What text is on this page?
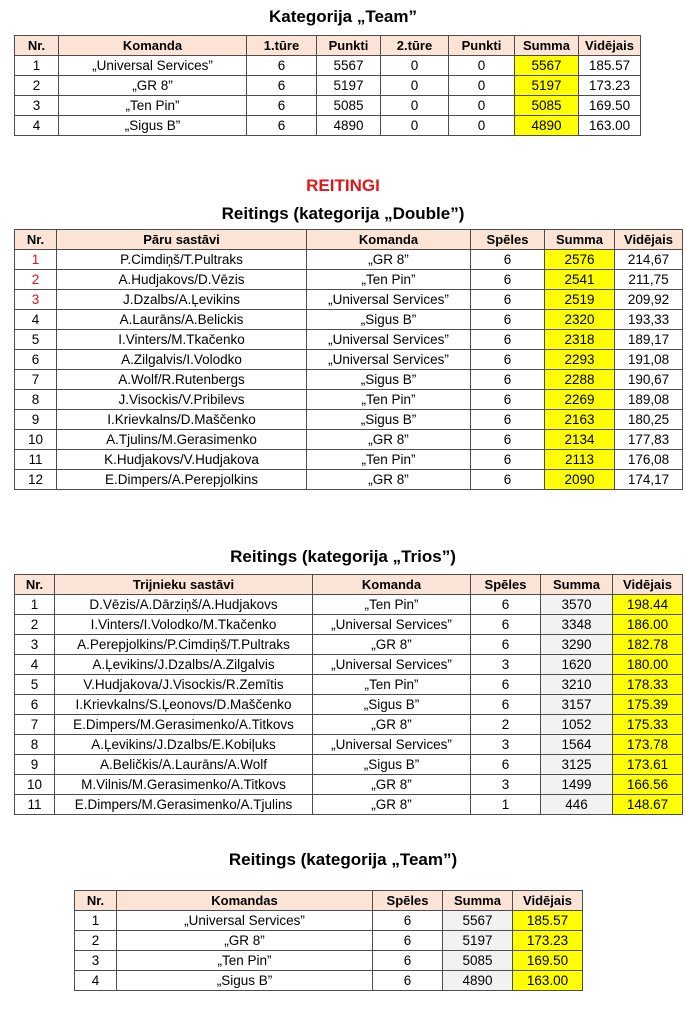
Kategorija „Team”
Nr.	Komanda	1.tūre	Punkti	2.tūre	Punkti	Summa	Vidējais
1	„Universal Services”	6	5567	0	0	5567	185.57
2	„GR 8”	6	5197	0	0	5197	173.23
3	„Ten Pin”	6	5085	0	0	5085	169.50
4	„Sigus B”	6	4890	0	0	4890	163.00
REITINGI
Reitings (kategorija „Double”)
Nr.	Pāru sastāvi	Komanda	Spēles	Summa	Vidējais
1	P.Cimdiņš/T.Pultraks	„GR 8”	6	2576	214,67
2	A.Hudjakovs/D.Vēzis	„Ten Pin”	6	2541	211,75
3	J.Dzalbs/A.Ļevikins	„Universal Services”	6	2519	209,92
4	A.Laurāns/A.Belickis	„Sigus B”	6	2320	193,33
5	I.Vinters/M.Tkačenko	„Universal Services”	6	2318	189,17
6	A.Zilgalvis/I.Volodko	„Universal Services”	6	2293	191,08
7	A.Wolf/R.Rutenbergs	„Sigus B”	6	2288	190,67
8	J.Visockis/V.Pribilevs	„Ten Pin”	6	2269	189,08
9	I.Krievkalns/D.Maščenko	„Sigus B”	6	2163	180,25
10	A.Tjulins/M.Gerasimenko	„GR 8”	6	2134	177,83
11	K.Hudjakovs/V.Hudjakova	„Ten Pin”	6	2113	176,08
12	E.Dimpers/A.Perepjolkins	„GR 8”	6	2090	174,17
Reitings (kategorija „Trios”)
Nr.	Trijnieku sastāvi	Komanda	Spēles	Summa	Vidējais
1	D.Vēzis/A.Dārziņš/A.Hudjakovs	„Ten Pin”	6	3570	198.44
2	I.Vinters/I.Volodko/M.Tkačenko	„Universal Services”	6	3348	186.00
3	A.Perepjolkins/P.Cimdiņš/T.Pultraks	„GR 8”	6	3290	182.78
4	A.Ļevikins/J.Dzalbs/A.Zilgalvis	„Universal Services”	3	1620	180.00
5	V.Hudjakova/J.Visockis/R.Zemītis	„Ten Pin”	6	3210	178.33
6	I.Krievkalns/S.Ļeonovs/D.Maščenko	„Sigus B”	6	3157	175.39
7	E.Dimpers/M.Gerasimenko/A.Titkovs	„GR 8”	2	1052	175.33
8	A.Ļevikins/J.Dzalbs/E.Kobiļuks	„Universal Services”	3	1564	173.78
9	A.Beličkis/A.Laurāns/A.Wolf	„Sigus B”	6	3125	173.61
10	M.Vilnis/M.Gerasimenko/A.Titkovs	„GR 8”	3	1499	166.56
11	E.Dimpers/M.Gerasimenko/A.Tjulins	„GR 8”	1	446	148.67
Reitings (kategorija „Team”)
Nr.	Komandas	Spēles	Summa	Vidējais
1	„Universal Services”	6	5567	185.57
2	„GR 8”	6	5197	173.23
3	„Ten Pin”	6	5085	169.50
4	„Sigus B”	6	4890	163.00
